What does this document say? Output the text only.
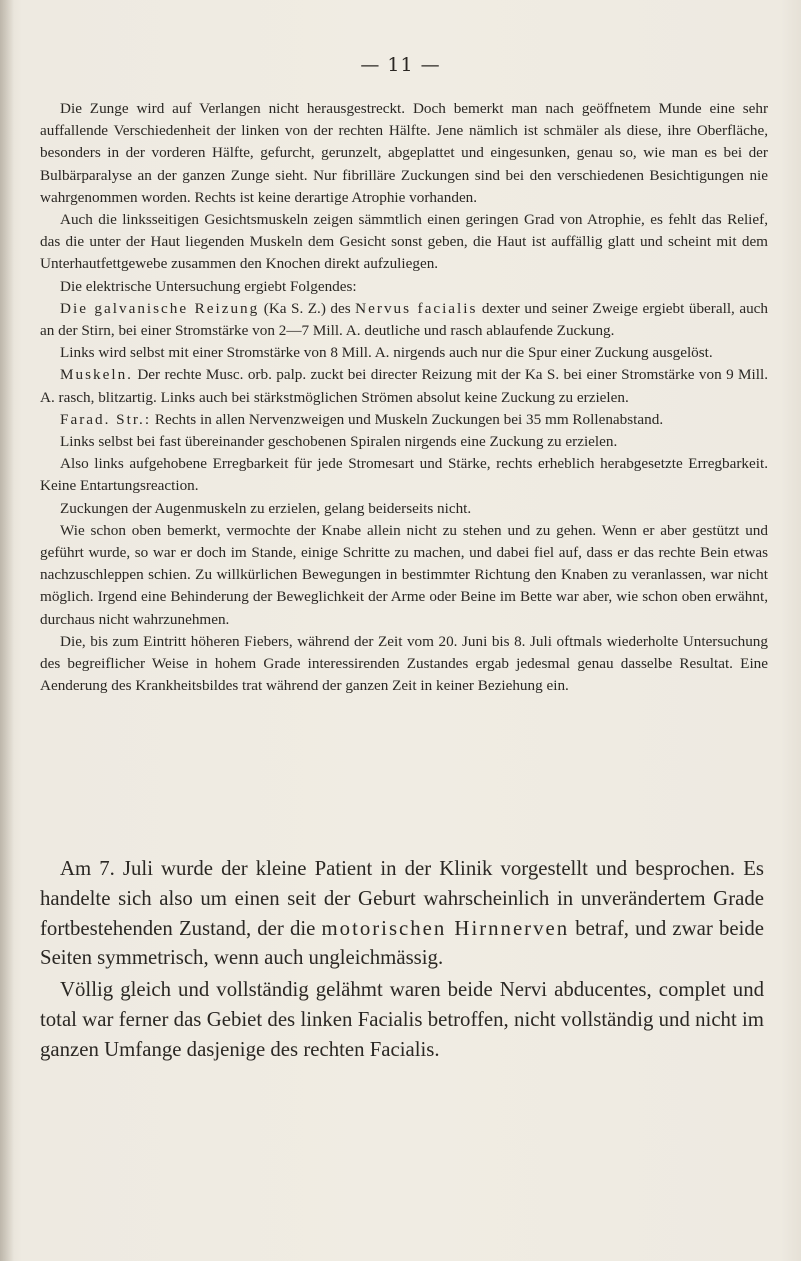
— 11 —

Die Zunge wird auf Verlangen nicht herausgestreckt. Doch bemerkt man nach geöffnetem Munde eine sehr auffallende Verschiedenheit der linken von der rechten Hälfte. Jene nämlich ist schmäler als diese, ihre Oberfläche, besonders in der vorderen Hälfte, gefurcht, gerunzelt, abgeplattet und eingesunken, genau so, wie man es bei der Bulbärparalyse an der ganzen Zunge sieht. Nur fibrilläre Zuckungen sind bei den verschiedenen Besichtigungen nie wahrgenommen worden. Rechts ist keine derartige Atrophie vorhanden.

Auch die linksseitigen Gesichtsmuskeln zeigen sämmtlich einen geringen Grad von Atrophie, es fehlt das Relief, das die unter der Haut liegenden Muskeln dem Gesicht sonst geben, die Haut ist auffällig glatt und scheint mit dem Unterhautfettgewebe zusammen den Knochen direkt aufzuliegen.

Die elektrische Untersuchung ergiebt Folgendes:

Die galvanische Reizung (Ka S. Z.) des Nervus facialis dexter und seiner Zweige ergiebt überall, auch an der Stirn, bei einer Stromstärke von 2—7 Mill. A. deutliche und rasch ablaufende Zuckung.

Links wird selbst mit einer Stromstärke von 8 Mill. A. nirgends auch nur die Spur einer Zuckung ausgelöst.

Muskeln. Der rechte Musc. orb. palp. zuckt bei directer Reizung mit der Ka S. bei einer Stromstärke von 9 Mill. A. rasch, blitzartig. Links auch bei stärkstmöglichen Strömen absolut keine Zuckung zu erzielen.

Farad. Str.: Rechts in allen Nervenzweigen und Muskeln Zuckungen bei 35 mm Rollenabstand.

Links selbst bei fast übereinander geschobenen Spiralen nirgends eine Zuckung zu erzielen.

Also links aufgehobene Erregbarkeit für jede Stromesart und Stärke, rechts erheblich herabgesetzte Erregbarkeit. Keine Entartungsreaction.

Zuckungen der Augenmuskeln zu erzielen, gelang beiderseits nicht.

Wie schon oben bemerkt, vermochte der Knabe allein nicht zu stehen und zu gehen. Wenn er aber gestützt und geführt wurde, so war er doch im Stande, einige Schritte zu machen, und dabei fiel auf, dass er das rechte Bein etwas nachzuschleppen schien. Zu willkürlichen Bewegungen in bestimmter Richtung den Knaben zu veranlassen, war nicht möglich. Irgend eine Behinderung der Beweglichkeit der Arme oder Beine im Bette war aber, wie schon oben erwähnt, durchaus nicht wahrzunehmen.

Die, bis zum Eintritt höheren Fiebers, während der Zeit vom 20. Juni bis 8. Juli oftmals wiederholte Untersuchung des begreiflicher Weise in hohem Grade interessirenden Zustandes ergab jedesmal genau dasselbe Resultat. Eine Aenderung des Krankheitsbildes trat während der ganzen Zeit in keiner Beziehung ein.

Am 7. Juli wurde der kleine Patient in der Klinik vorgestellt und besprochen. Es handelte sich also um einen seit der Geburt wahrscheinlich in unverändertem Grade fortbestehenden Zustand, der die motorischen Hirnnerven betraf, und zwar beide Seiten symmetrisch, wenn auch ungleichmässig.

Völlig gleich und vollständig gelähmt waren beide Nervi abducentes, complet und total war ferner das Gebiet des linken Facialis betroffen, nicht vollständig und nicht im ganzen Umfange dasjenige des rechten Facialis.
